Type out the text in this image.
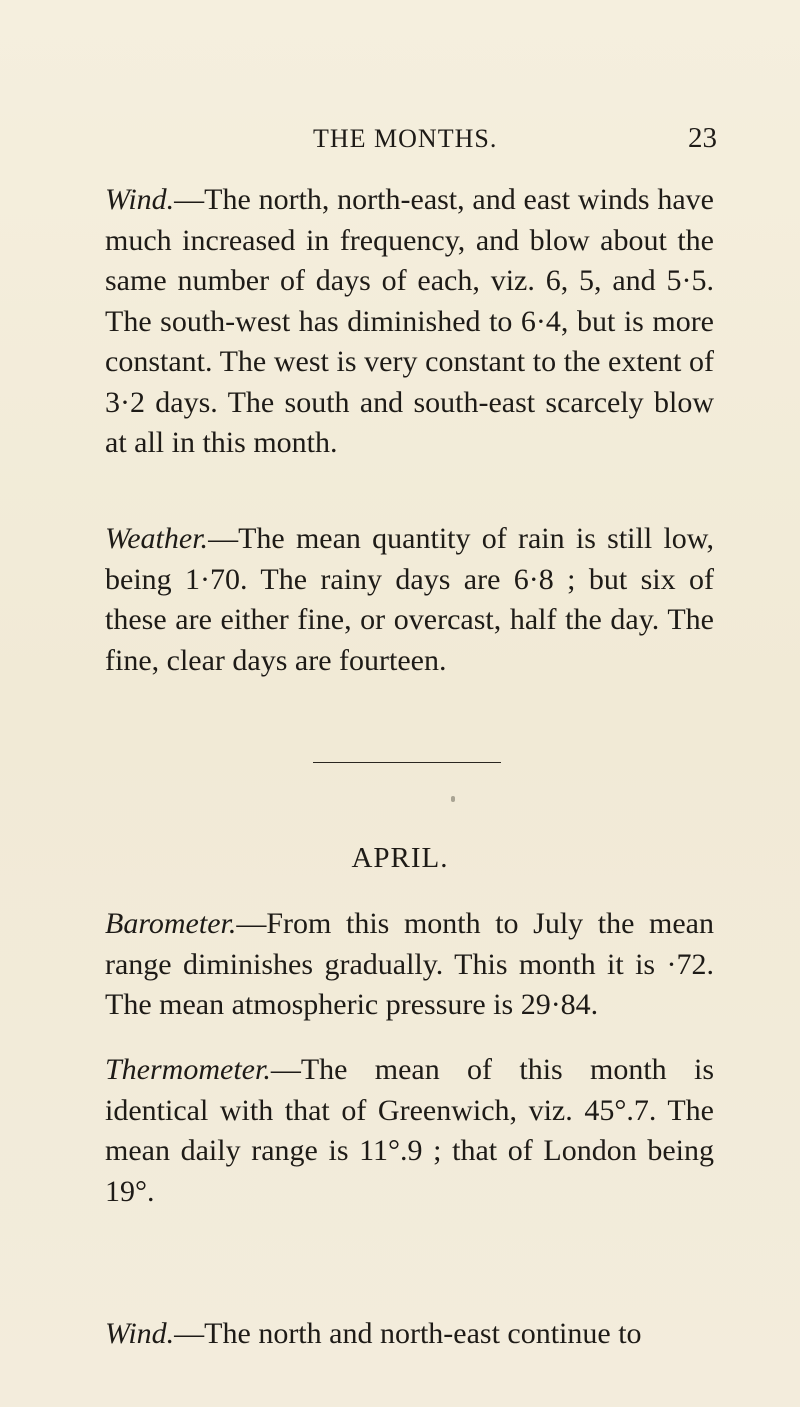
THE MONTHS.	23

Wind.—The north, north-east, and east winds have much increased in frequency, and blow about the same number of days of each, viz. 6, 5, and 5·5. The south-west has diminished to 6·4, but is more constant. The west is very constant to the extent of 3·2 days. The south and south-east scarcely blow at all in this month.

Weather.—The mean quantity of rain is still low, being 1·70. The rainy days are 6·8 ; but six of these are either fine, or overcast, half the day. The fine, clear days are fourteen.

APRIL.

Barometer.—From this month to July the mean range diminishes gradually. This month it is ·72. The mean atmospheric pressure is 29·84.

Thermometer.—The mean of this month is identical with that of Greenwich, viz. 45°.7. The mean daily range is 11°.9 ; that of London being 19°.

Wind.—The north and north-east continue to
